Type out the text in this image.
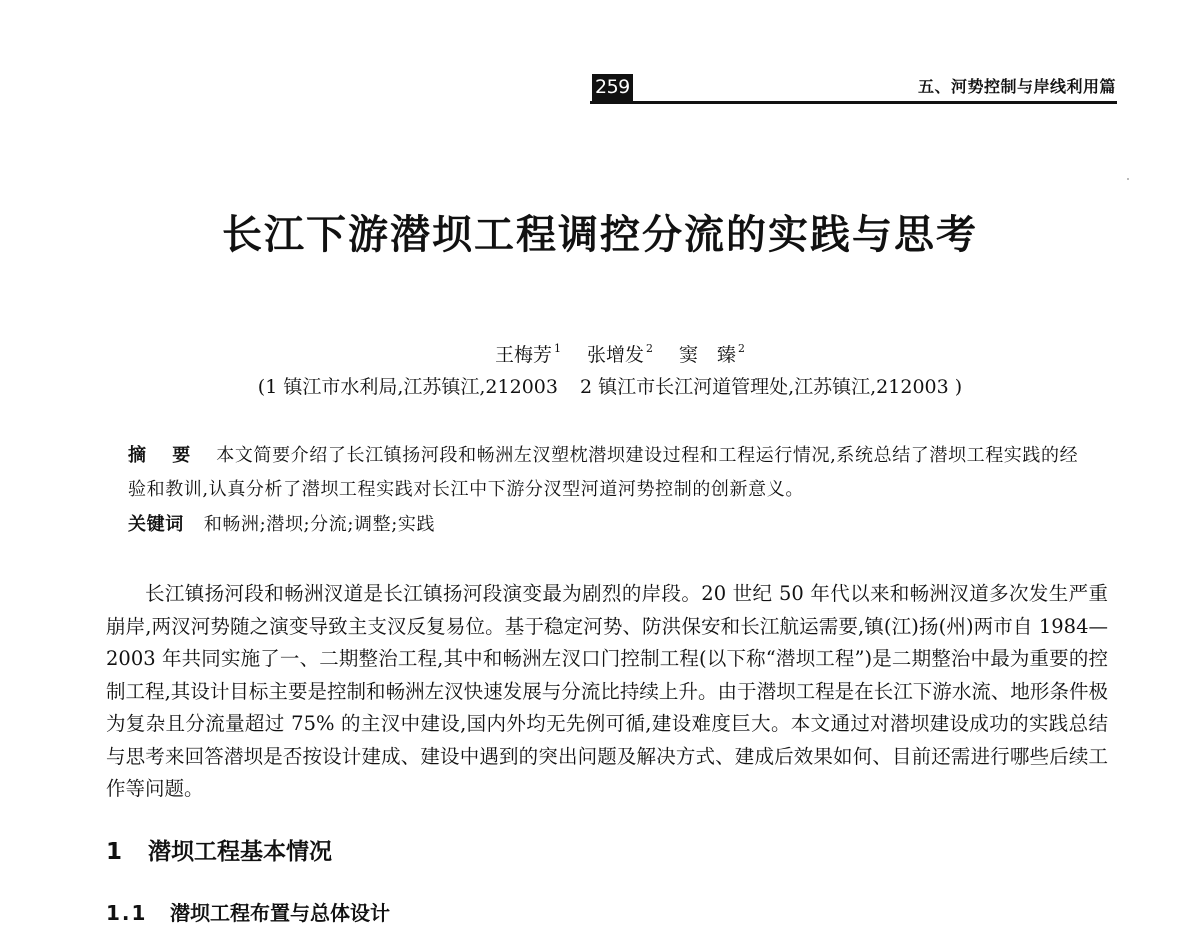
259	五、河势控制与岸线利用篇
长江下游潜坝工程调控分流的实践与思考
王梅芳 $^1$ 张增发 $^2$ 窦　臻 $^2$
(1 镇江市水利局,江苏镇江,212003 2 镇江市长江河道管理处,江苏镇江,212003 )
摘 要 本文简要介绍了长江镇扬河段和畅洲左汊塑枕潜坝建设过程和工程运行情况,系统总结了潜坝工程实践的经验和教训,认真分析了潜坝工程实践对长江中下游分汊型河道河势控制的创新意义。
关键词 和畅洲;潜坝;分流;调整;实践

长江镇扬河段和畅洲汊道是长江镇扬河段演变最为剧烈的岸段。20 世纪 50 年代以来和畅洲汊道多次发生严重崩岸,两汊河势随之演变导致主支汊反复易位。基于稳定河势、防洪保安和长江航运需要,镇(江)扬(州)两市自 1984—2003 年共同实施了一、二期整治工程,其中和畅洲左汊口门控制工程(以下称“潜坝工程”)是二期整治中最为重要的控制工程,其设计目标主要是控制和畅洲左汊快速发展与分流比持续上升。由于潜坝工程是在长江下游水流、地形条件极为复杂且分流量超过 75% 的主汊中建设,国内外均无先例可循,建设难度巨大。本文通过对潜坝建设成功的实践总结与思考来回答潜坝是否按设计建成、建设中遇到的突出问题及解决方式、建成后效果如何、目前还需进行哪些后续工作等问题。

1 潜坝工程基本情况
1.1 潜坝工程布置与总体设计
